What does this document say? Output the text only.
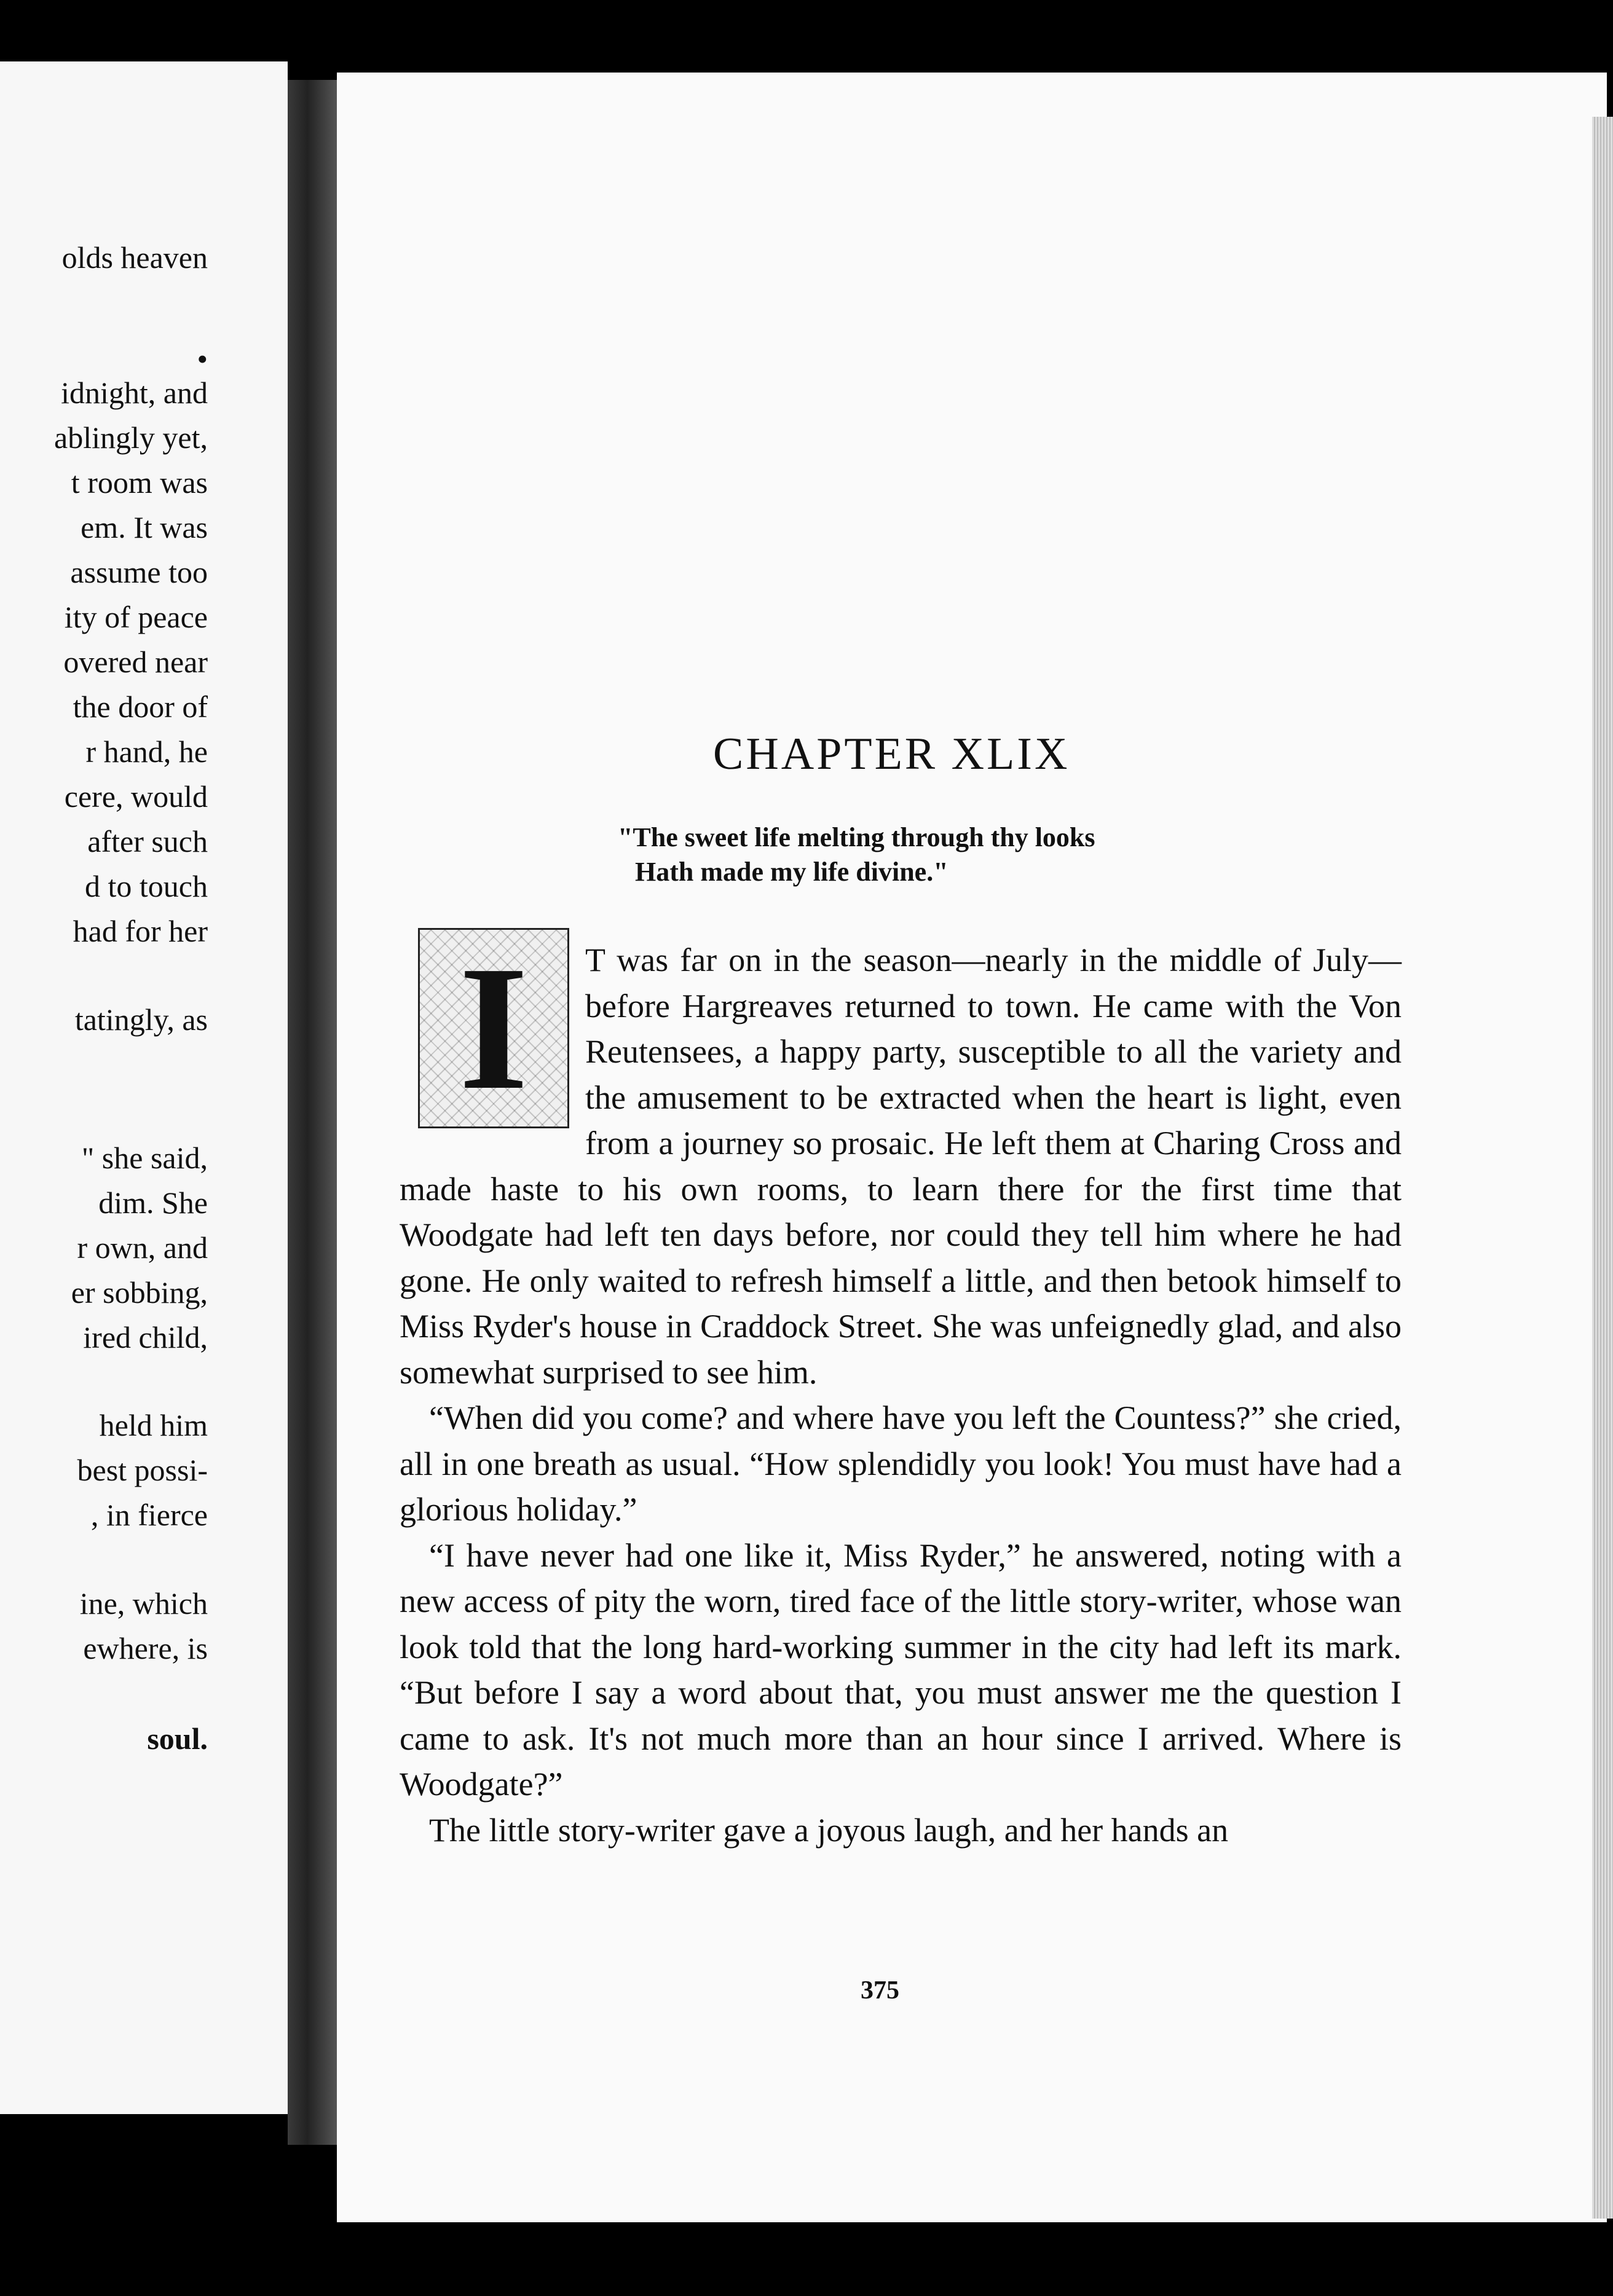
olds heaven
•
idnight, and
ablingly yet,
t room was
em. It was
assume too
ity of peace
overed near
the door of
r hand, he
cere, would
after such
d to touch
had for her
tatingly, as
" she said,
dim. She
r own, and
er sobbing,
ired child,
held him
best possi-
, in fierce
ine, which
ewhere, is
soul.
CHAPTER XLIX
"The sweet life melting through thy looks
Hath made my life divine."
I	T was far on in the season—nearly in the middle of July—before Hargreaves returned to town. He came with the Von Reutensees, a happy party, susceptible to all the variety and the amusement to be extracted when the heart is light, even from a journey so prosaic. He left them at Charing Cross and made haste to his own rooms, to learn there for the first time that Woodgate had left ten days before, nor could they tell him where he had gone. He only waited to refresh himself a little, and then betook himself to Miss Ryder's house in Craddock Street. She was unfeignedly glad, and also somewhat surprised to see him.

“When did you come? and where have you left the Countess?” she cried, all in one breath as usual. “How splendidly you look! You must have had a glorious holiday.”

“I have never had one like it, Miss Ryder,” he answered, noting with a new access of pity the worn, tired face of the little story-writer, whose wan look told that the long hard-working summer in the city had left its mark. “But before I say a word about that, you must answer me the question I came to ask. It's not much more than an hour since I arrived. Where is Woodgate?”

The little story-writer gave a joyous laugh, and her hands an

375
